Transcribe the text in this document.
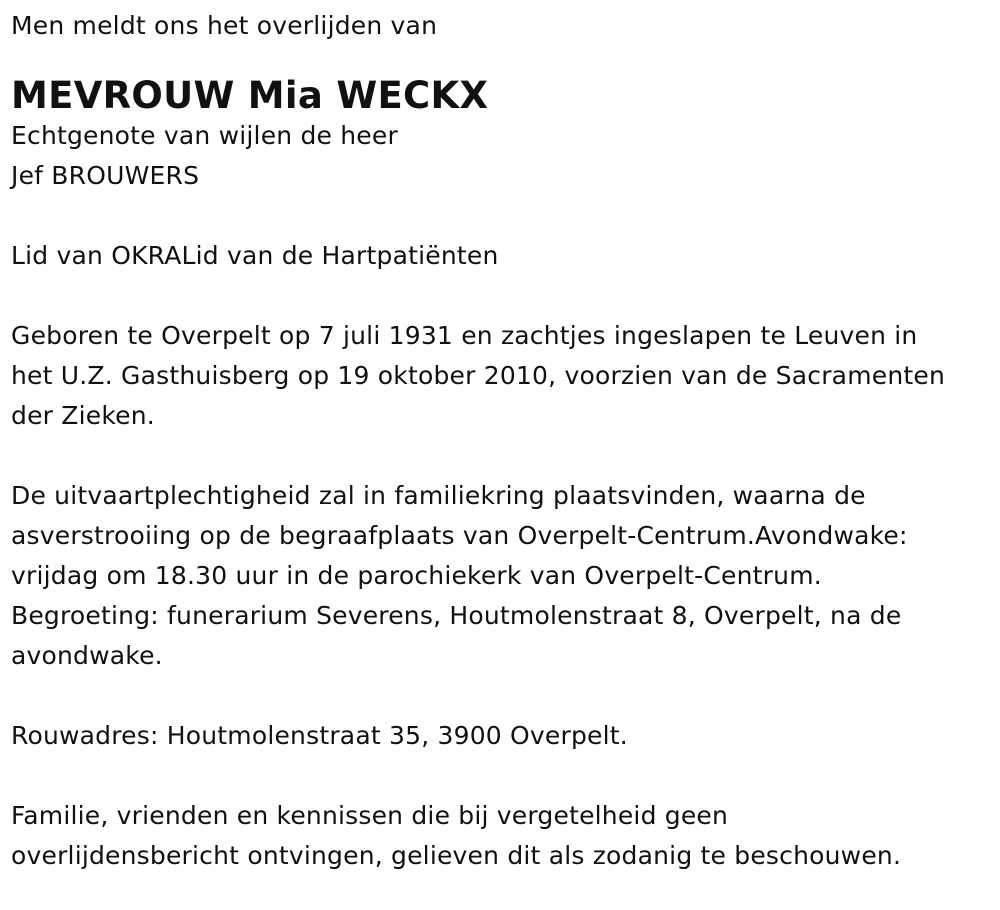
Men meldt ons het overlijden van

MEVROUW Mia WECKX

Echtgenote van wijlen de heer

Jef BROUWERS

Lid van OKRALid van de Hartpatiënten

Geboren te Overpelt op 7 juli 1931 en zachtjes ingeslapen te Leuven in

het U.Z. Gasthuisberg op 19 oktober 2010, voorzien van de Sacramenten

der Zieken.

De uitvaartplechtigheid zal in familiekring plaatsvinden, waarna de

asverstrooiing op de begraafplaats van Overpelt-Centrum.Avondwake:

vrijdag om 18.30 uur in de parochiekerk van Overpelt-Centrum.

Begroeting: funerarium Severens, Houtmolenstraat 8, Overpelt, na de

avondwake.

Rouwadres: Houtmolenstraat 35, 3900 Overpelt.

Familie, vrienden en kennissen die bij vergetelheid geen

overlijdensbericht ontvingen, gelieven dit als zodanig te beschouwen.
